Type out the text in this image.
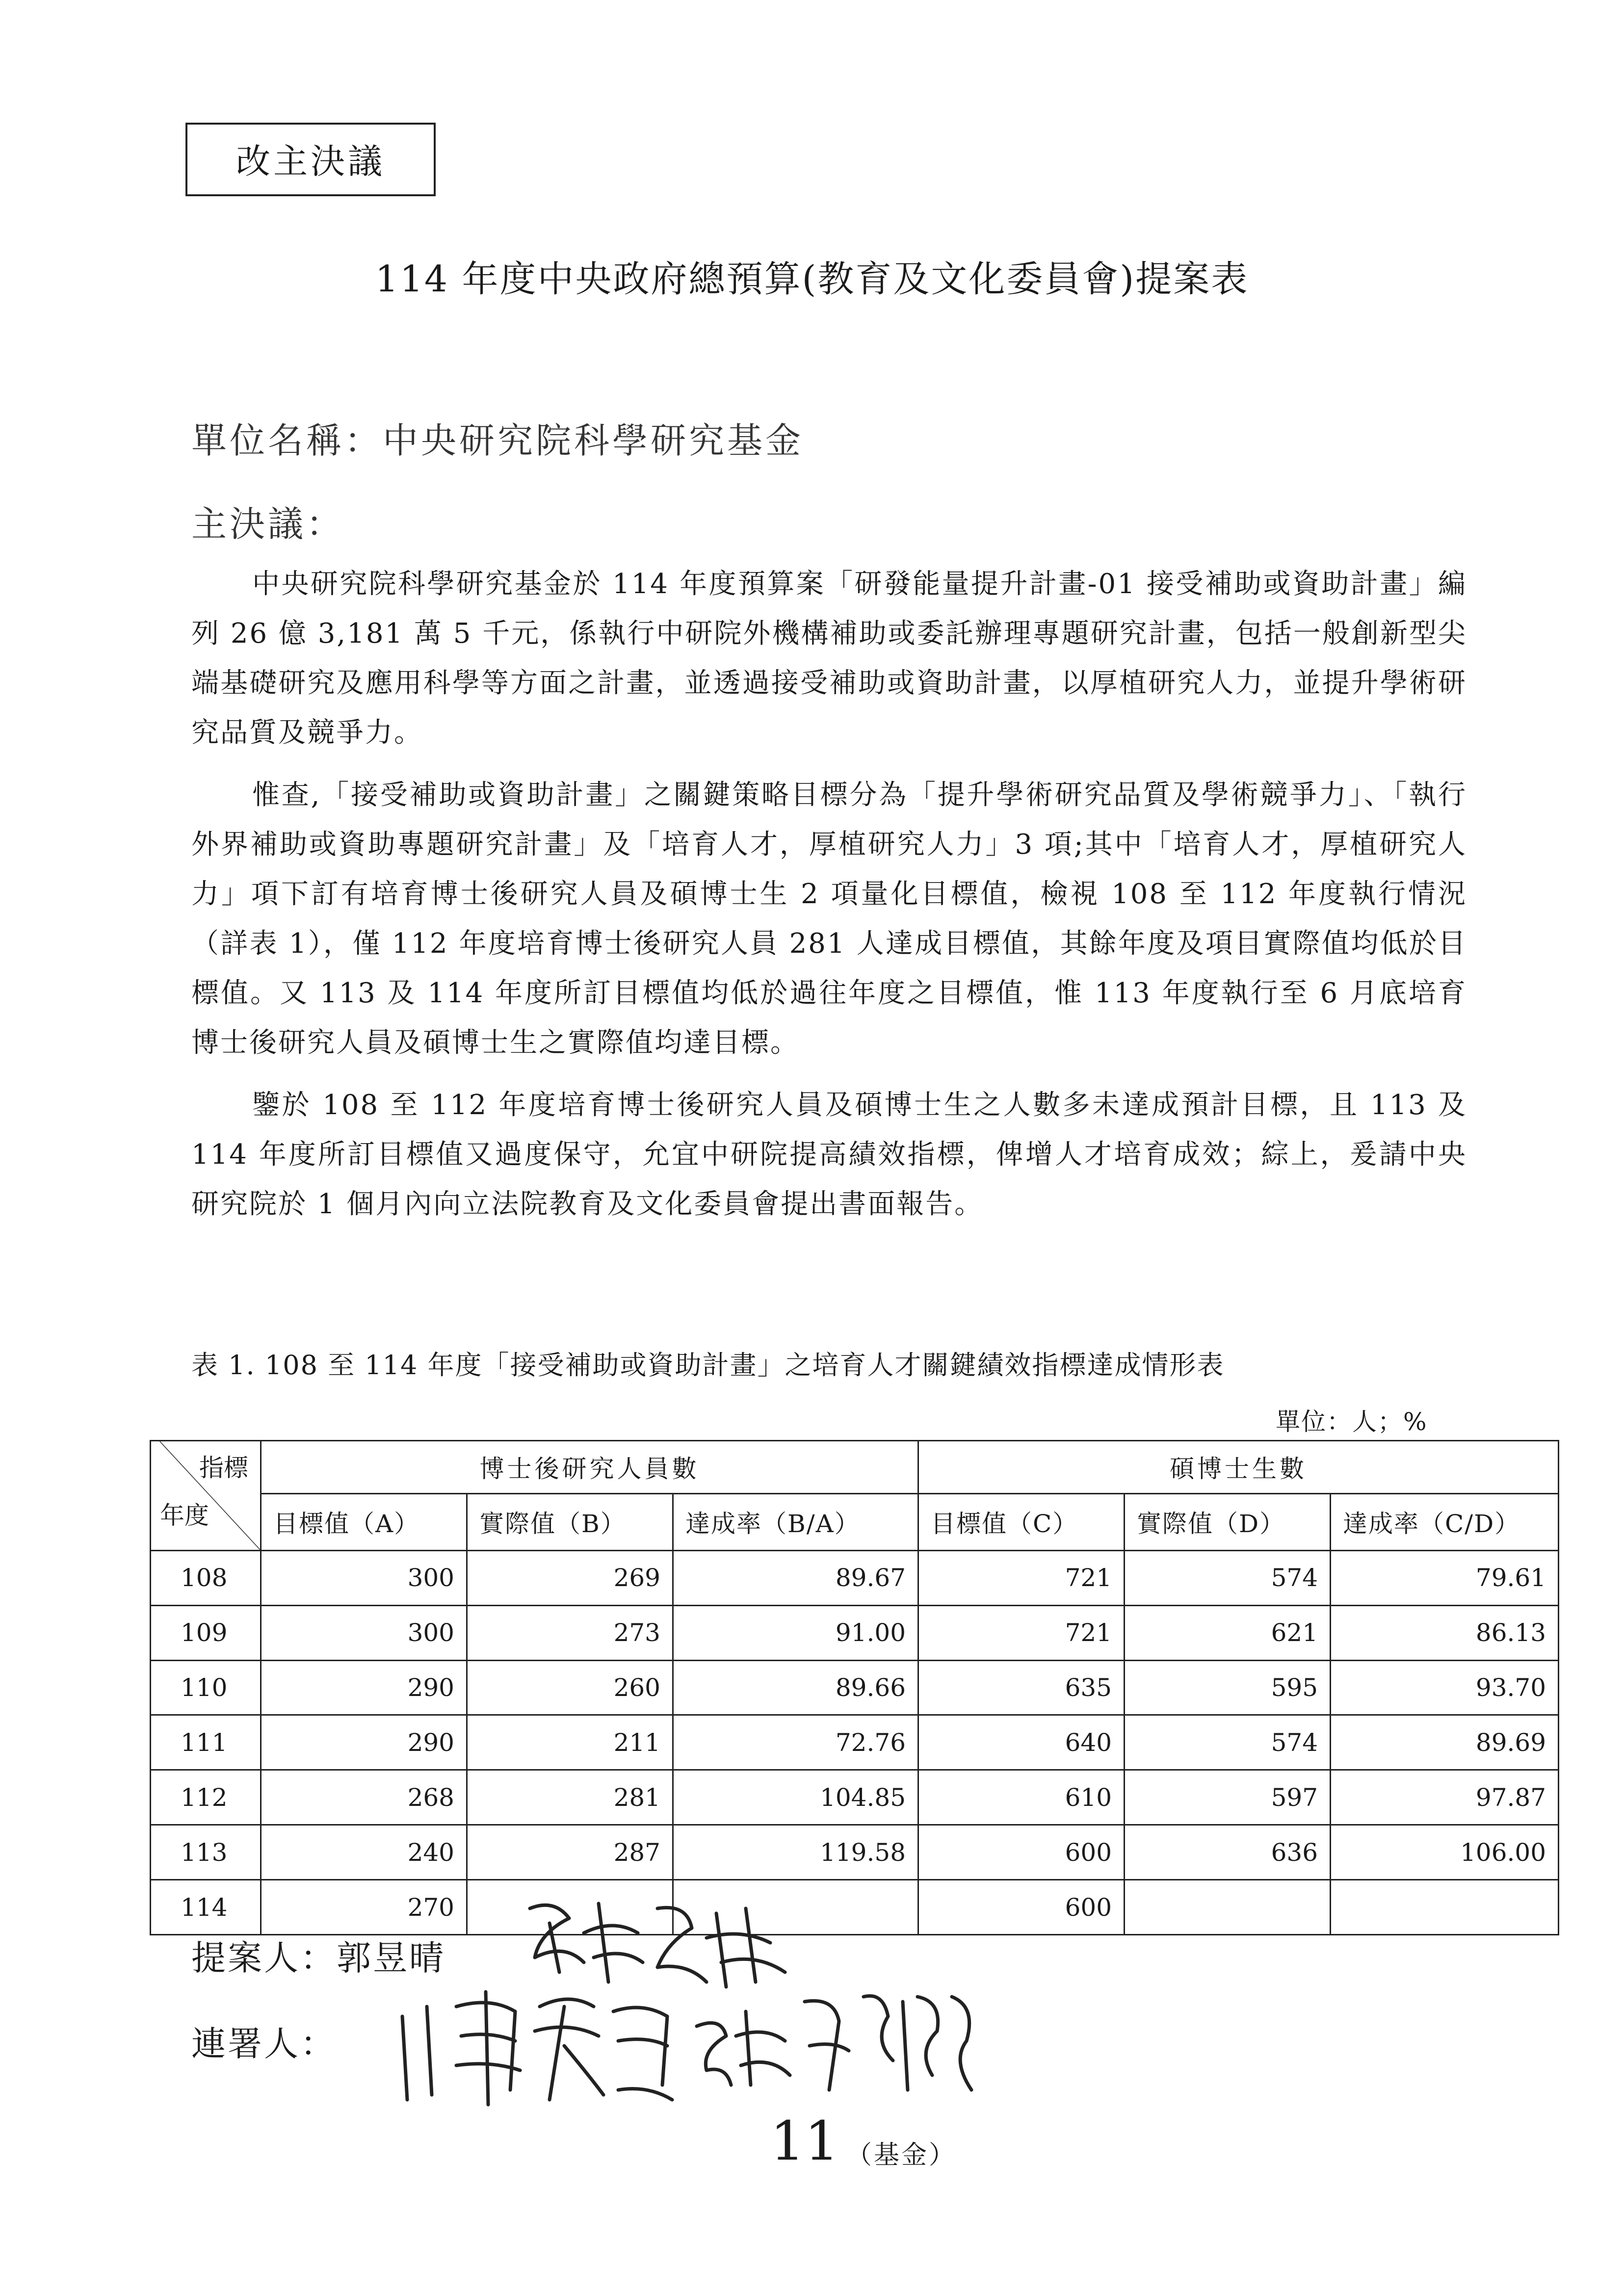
改主決議
114 年度中央政府總預算(教育及文化委員會)提案表
單位名稱：中央研究院科學研究基金
主決議：

中央研究院科學研究基金於 114 年度預算案「研發能量提升計畫-01 接受補助或資助計畫」編列 26 億 3,181 萬 5 千元，係執行中研院外機構補助或委託辦理專題研究計畫，包括一般創新型尖端基礎研究及應用科學等方面之計畫，並透過接受補助或資助計畫，以厚植研究人力，並提升學術研究品質及競爭力。

惟查,「接受補助或資助計畫」之關鍵策略目標分為「提升學術研究品質及學術競爭力」、「執行外界補助或資助專題研究計畫」及「培育人才，厚植研究人力」3 項;其中「培育人才，厚植研究人力」項下訂有培育博士後研究人員及碩博士生 2 項量化目標值，檢視 108 至 112 年度執行情況（詳表 1），僅 112 年度培育博士後研究人員 281 人達成目標值，其餘年度及項目實際值均低於目標值。又 113 及 114 年度所訂目標值均低於過往年度之目標值，惟 113 年度執行至 6 月底培育博士後研究人員及碩博士生之實際值均達目標。

鑒於 108 至 112 年度培育博士後研究人員及碩博士生之人數多未達成預計目標，且 113 及 114 年度所訂目標值又過度保守，允宜中研院提高績效指標，俾增人才培育成效；綜上，爰請中央研究院於 1 個月內向立法院教育及文化委員會提出書面報告。

表 1. 108 至 114 年度「接受補助或資助計畫」之培育人才關鍵績效指標達成情形表
單位：人；%
指標
年度	博士後研究人員數			碩博士生數		
	目標值（A）	實際值（B）	達成率（B/A）	目標值（C）	實際值（D）	達成率（C/D）
108	300	269	89.67	721	574	79.61
109	300	273	91.00	721	621	86.13
110	290	260	89.66	635	595	93.70
111	290	211	72.76	640	574	89.69
112	268	281	104.85	610	597	97.87
113	240	287	119.58	600	636	106.00
114	270			600		
提案人：郭昱晴
連署人：
11 （基金）
